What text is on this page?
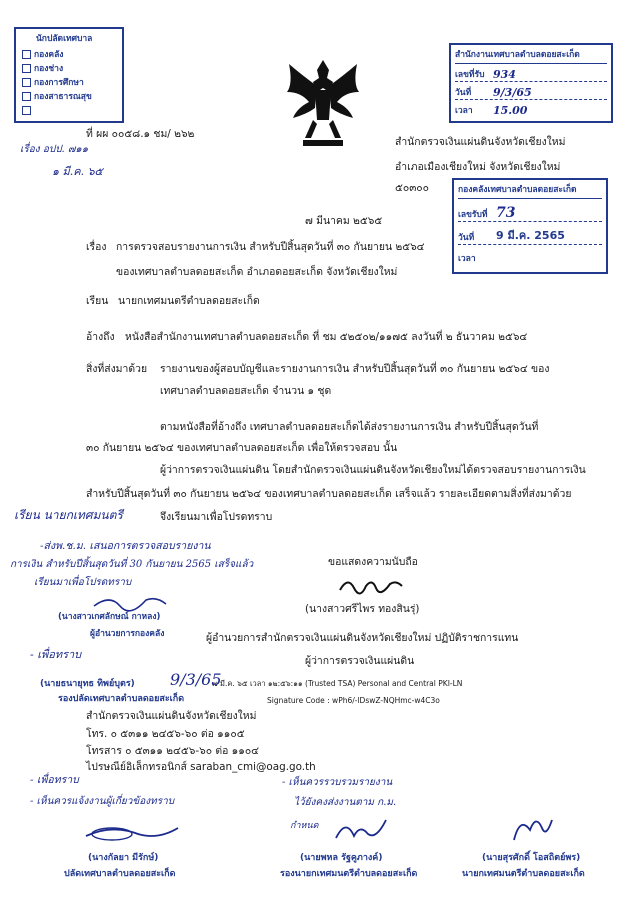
นักปลัดเทศบาล
กองคลัง
กองช่าง
กองการศึกษา
กองสาธารณสุข
ที่ ผผ ๐๐๕๘.๑ ชม/ ๒๖๒
เรื่อง อปป. ๗๑๑
๑ มี.ค. ๖๕
สำนักงานเทศบาลตำบลดอยสะเก็ด
เลขที่รับ 934
วันที่	9/3/65
เวลา	15.00
สำนักตรวจเงินแผ่นดินจังหวัดเชียงใหม่
อำเภอเมืองเชียงใหม่ จังหวัดเชียงใหม่
๕๐๓๐๐	กองคลังเทศบาลตำบลดอยสะเก็ด
เลขรับที่ 73
วันที่	9 มี.ค. 2565
เวลา
๗ มีนาคม ๒๕๖๕
เรื่อง การตรวจสอบรายงานการเงิน สำหรับปีสิ้นสุดวันที่ ๓๐ กันยายน ๒๕๖๔
ของเทศบาลตำบลดอยสะเก็ด อำเภอดอยสะเก็ด จังหวัดเชียงใหม่
เรียน นายกเทศมนตรีตำบลดอยสะเก็ด
อ้างถึง หนังสือสำนักงานเทศบาลตำบลดอยสะเก็ด ที่ ชม ๕๒๕๐๒/๑๑๗๕ ลงวันที่ ๒ ธันวาคม ๒๕๖๔
สิ่งที่ส่งมาด้วย รายงานของผู้สอบบัญชีและรายงานการเงิน สำหรับปีสิ้นสุดวันที่ ๓๐ กันยายน ๒๕๖๔ ของ
เทศบาลตำบลดอยสะเก็ด จำนวน ๑ ชุด
ตามหนังสือที่อ้างถึง เทศบาลตำบลดอยสะเก็ดได้ส่งรายงานการเงิน สำหรับปีสิ้นสุดวันที่
๓๐ กันยายน ๒๕๖๔ ของเทศบาลตำบลดอยสะเก็ด เพื่อให้ตรวจสอบ นั้น
ผู้ว่าการตรวจเงินแผ่นดิน โดยสำนักตรวจเงินแผ่นดินจังหวัดเชียงใหม่ได้ตรวจสอบรายงานการเงิน
สำหรับปีสิ้นสุดวันที่ ๓๐ กันยายน ๒๕๖๔ ของเทศบาลตำบลดอยสะเก็ด เสร็จแล้ว รายละเอียดตามสิ่งที่ส่งมาด้วย
เรียน นายกเทศมนตรี	จึงเรียนมาเพื่อโปรดทราบ
-ส่งพ.ช.ม. เสนอการตรวจสอบรายงาน
การเงิน สำหรับปีสิ้นสุดวันที่ 30 กันยายน 2565 เสร็จแล้ว
เรียนมาเพื่อโปรดทราบ
ขอแสดงความนับถือ
(นางสาวศรีไพร ทองสินรุ่)
ผู้อำนวยการสำนักตรวจเงินแผ่นดินจังหวัดเชียงใหม่ ปฏิบัติราชการแทน
ผู้ว่าการตรวจเงินแผ่นดิน
๗ มี.ค. ๖๕ เวลา ๑๒:๕๖:๑๑ (Trusted TSA) Personal and Central PKI-LN
Signature Code : wPh6/-lDswZ-NQHmc-w4C3o
(นางสาวเกศลักษณ์ กาหลง)
ผู้อำนวยการกองคลัง
- เพื่อทราบ
(นายธนายุทธ ทิพย์บุตร) 9/3/65
รองปลัดเทศบาลตำบลดอยสะเก็ด
สำนักตรวจเงินแผ่นดินจังหวัดเชียงใหม่
โทร. ๐ ๕๓๑๑ ๒๔๕๖-๖๐ ต่อ ๑๑๐๕
โทรสาร ๐ ๕๓๑๑ ๒๔๕๖-๖๐ ต่อ ๑๑๐๔
ไปรษณีย์อิเล็กทรอนิกส์ saraban_cmi@oag.go.th
- เพื่อทราบ
- เห็นควรแจ้งงานผู้เกี่ยวข้องทราบ
- เห็นควรรวบรวมรายงาน
ไว้ยังคงส่งงานตาม ก.ม.
กำหนด
(นางกัลยา มีรักษ์)
ปลัดเทศบาลตำบลดอยสะเก็ด
(นายพหล รัฐคูภางค์)
รองนายกเทศมนตรีตำบลดอยสะเก็ด
(นายสุรศักดิ์ โอสถิตย์พร)
นายกเทศมนตรีตำบลดอยสะเก็ด
